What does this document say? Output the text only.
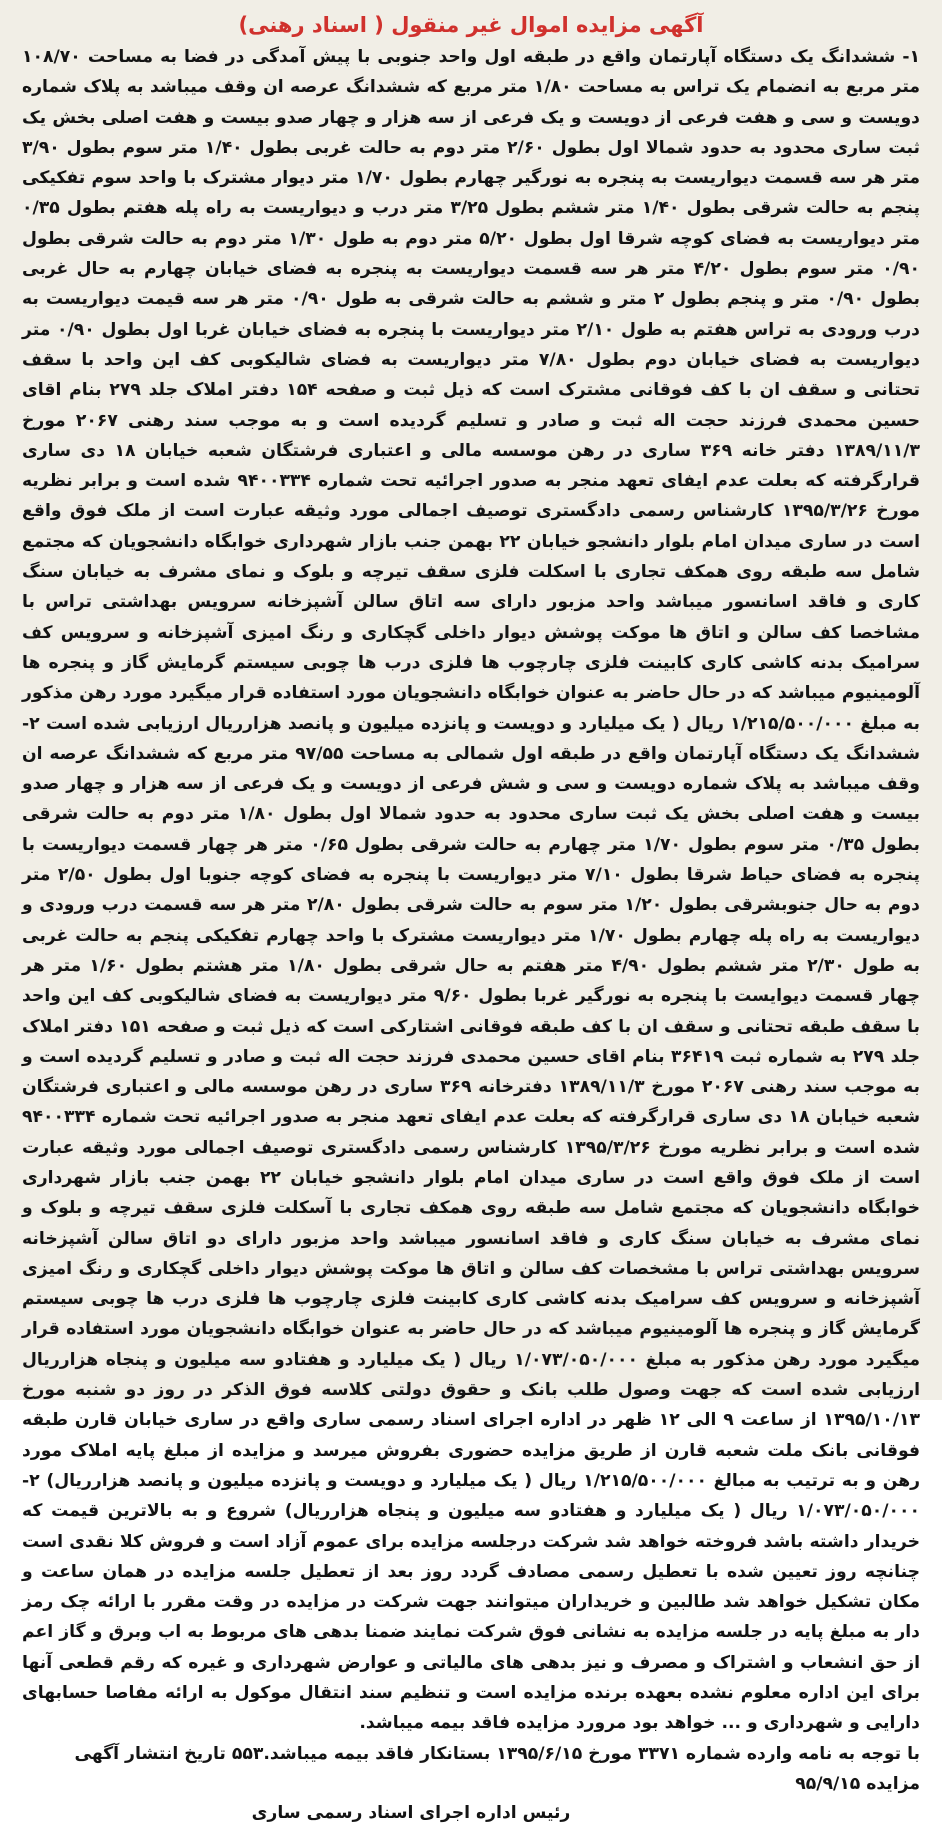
آگهی مزایده اموال غیر منقول ( اسناد رهنی)

۱- ششدانگ یک دستگاه آپارتمان واقع در طبقه اول واحد جنوبی با پیش آمدگی در فضا به مساحت ۱۰۸/۷۰ متر مربع به انضمام یک تراس به مساحت ۱/۸۰ متر مربع که ششدانگ عرصه ان وقف میباشد به پلاک شماره دویست و سی و هفت فرعی از دویست و یک فرعی از سه هزار و چهار صدو بیست و هفت اصلی بخش یک ثبت ساری محدود به حدود شمالا اول بطول ۲/۶۰ متر دوم به حالت غربی بطول ۱/۴۰ متر سوم بطول ۳/۹۰ متر هر سه قسمت دیواریست به پنجره به نورگیر چهارم بطول ۱/۷۰ متر دیوار مشترک با واحد سوم تفکیکی پنجم به حالت شرقی بطول ۱/۴۰ متر ششم بطول ۳/۲۵ متر درب و دیواریست به راه پله هفتم بطول ۰/۳۵ متر دیواریست به فضای کوچه شرقا اول بطول ۵/۲۰ متر دوم به طول ۱/۳۰ متر دوم به حالت شرقی بطول ۰/۹۰ متر سوم بطول ۴/۲۰ متر هر سه قسمت دیواریست به پنجره به فضای خیابان چهارم به حال غربی بطول ۰/۹۰ متر و پنجم بطول ۲ متر و ششم به حالت شرقی به طول ۰/۹۰ متر هر سه قیمت دیواریست به درب ورودی به تراس هفتم به طول ۲/۱۰ متر دیواریست با پنجره به فضای خیابان غربا اول بطول ۰/۹۰ متر دیواریست به فضای خیابان دوم بطول ۷/۸۰ متر دیواریست به فضای شالیکوبی کف این واحد با سقف تحتانی و سقف ان با کف فوقانی مشترک است که ذیل ثبت و صفحه ۱۵۴ دفتر املاک جلد ۲۷۹ بنام اقای حسین محمدی فرزند حجت اله ثبت و صادر و تسلیم گردیده است و به موجب سند رهنی ۲۰۶۷ مورخ ۱۳۸۹/۱۱/۳ دفتر خانه ۳۶۹ ساری در رهن موسسه مالی و اعتباری فرشتگان شعبه خیابان ۱۸ دی ساری قرارگرفته که بعلت عدم ایفای تعهد منجر به صدور اجرائیه تحت شماره ۹۴۰۰۳۳۴ شده است و برابر نظریه مورخ ۱۳۹۵/۳/۲۶ کارشناس رسمی دادگستری توصیف اجمالی مورد وثیقه عبارت است از ملک فوق واقع است در ساری میدان امام بلوار دانشجو خیابان ۲۲ بهمن جنب بازار شهرداری خوابگاه دانشجویان که مجتمع شامل سه طبقه روی همکف تجاری با اسکلت فلزی سقف تیرچه و بلوک و نمای مشرف به خیابان سنگ کاری و فاقد اسانسور میباشد واحد مزبور دارای سه اتاق سالن آشپزخانه سرویس بهداشتی تراس با مشاخصا کف سالن و اتاق ها موکت پوشش دیوار داخلی گچکاری و رنگ امیزی آشپزخانه و سرویس کف سرامیک بدنه کاشی کاری کابینت فلزی چارچوب ها فلزی درب ها چوبی سیستم گرمایش گاز و پنجره ها آلومینیوم میباشد که در حال حاضر به عنوان خوابگاه دانشجویان مورد استفاده قرار میگیرد مورد رهن مذکور به مبلغ ۱/۲۱۵/۵۰۰/۰۰۰ ریال ( یک میلیارد و دویست و پانزده میلیون و پانصد هزارریال ارزیابی شده است ۲- ششدانگ یک دستگاه آپارتمان واقع در طبقه اول شمالی به مساحت ۹۷/۵۵ متر مربع که ششدانگ عرصه ان وقف میباشد به پلاک شماره دویست و سی و شش فرعی از دویست و یک فرعی از سه هزار و چهار صدو بیست و هفت اصلی بخش یک ثبت ساری محدود به حدود شمالا اول بطول ۱/۸۰ متر دوم به حالت شرقی بطول ۰/۳۵ متر سوم بطول ۱/۷۰ متر چهارم به حالت شرقی بطول ۰/۶۵ متر هر چهار قسمت دیواریست با پنجره به فضای حیاط شرقا بطول ۷/۱۰ متر دیواریست با پنجره به فضای کوچه جنوبا اول بطول ۲/۵۰ متر دوم به حال جنوبشرقی بطول ۱/۲۰ متر سوم به حالت شرقی بطول ۲/۸۰ متر هر سه قسمت درب ورودی و دیواریست به راه پله چهارم بطول ۱/۷۰ متر دیواریست مشترک با واحد چهارم تفکیکی پنجم به حالت غربی به طول ۲/۳۰ متر ششم بطول ۴/۹۰ متر هفتم به حال شرقی بطول ۱/۸۰ متر هشتم بطول ۱/۶۰ متر هر چهار قسمت دیوایست با پنجره به نورگیر غربا بطول ۹/۶۰ متر دیواریست به فضای شالیکوبی کف این واحد با سقف طبقه تحتانی و سقف ان با کف طبقه فوقانی اشتارکی است که ذیل ثبت و صفحه ۱۵۱ دفتر املاک جلد ۲۷۹ به شماره ثبت ۳۶۴۱۹ بنام اقای حسین محمدی فرزند حجت اله ثبت و صادر و تسلیم گردیده است و به موجب سند رهنی ۲۰۶۷ مورخ ۱۳۸۹/۱۱/۳ دفترخانه ۳۶۹ ساری در رهن موسسه مالی و اعتباری فرشتگان شعبه خیابان ۱۸ دی ساری قرارگرفته که بعلت عدم ایفای تعهد منجر به صدور اجرائیه تحت شماره ۹۴۰۰۳۳۴ شده است و برابر نظریه مورخ ۱۳۹۵/۳/۲۶ کارشناس رسمی دادگستری توصیف اجمالی مورد وثیقه عبارت است از ملک فوق واقع است در ساری میدان امام بلوار دانشجو خیابان ۲۲ بهمن جنب بازار شهرداری خوابگاه دانشجویان که مجتمع شامل سه طبقه روی همکف تجاری با آسکلت فلزی سقف تیرچه و بلوک و نمای مشرف به خیابان سنگ کاری و فاقد اسانسور میباشد واحد مزبور دارای دو اتاق سالن آشپزخانه سرویس بهداشتی تراس با مشخصات کف سالن و اتاق ها موکت پوشش دیوار داخلی گچکاری و رنگ امیزی آشپزخانه و سرویس کف سرامیک بدنه کاشی کاری کابینت فلزی چارچوب ها فلزی درب ها چوبی سیستم گرمایش گاز و پنجره ها آلومینیوم میباشد که در حال حاضر به عنوان خوابگاه دانشجویان مورد استفاده قرار میگیرد مورد رهن مذکور به مبلغ ۱/۰۷۳/۰۵۰/۰۰۰ ریال ( یک میلیارد و هفتادو سه میلیون و پنجاه هزارریال ارزیابی شده است که جهت وصول طلب بانک و حقوق دولتی کلاسه فوق الذکر در روز دو شنبه مورخ ۱۳۹۵/۱۰/۱۳ از ساعت ۹ الی ۱۲ ظهر در اداره اجرای اسناد رسمی ساری واقع در ساری خیابان قارن طبقه فوقانی بانک ملت شعبه قارن از طریق مزایده حضوری بفروش میرسد و مزایده از مبلغ پایه املاک مورد رهن و به ترتیب به مبالغ ۱/۲۱۵/۵۰۰/۰۰۰ ریال ( یک میلیارد و دویست و پانزده میلیون و پانصد هزارریال) ۲- ۱/۰۷۳/۰۵۰/۰۰۰ ریال ( یک میلیارد و هفتادو سه میلیون و پنجاه هزارریال) شروع و به بالاترین قیمت که خریدار داشته باشد فروخته خواهد شد شرکت درجلسه مزایده برای عموم آزاد است و فروش کلا نقدی است چنانچه روز تعیین شده با تعطیل رسمی مصادف گردد روز بعد از تعطیل جلسه مزایده در همان ساعت و مکان تشکیل خواهد شد طالبین و خریداران میتوانند جهت شرکت در مزایده در وقت مقرر با ارائه چک رمز دار به مبلغ پایه در جلسه مزایده به نشانی فوق شرکت نمایند ضمنا بدهی های مربوط به اب وبرق و گاز اعم از حق انشعاب و اشتراک و مصرف و نیز بدهی های مالیاتی و عوارض شهرداری و غیره که رقم قطعی آنها برای این اداره معلوم نشده بعهده برنده مزایده است و تنظیم سند انتقال موکول به ارائه مفاصا حسابهای دارایی و شهرداری و ... خواهد بود مرورد مزایده فاقد بیمه میباشد.

با توجه به نامه وارده شماره ۳۳۷۱ مورخ ۱۳۹۵/۶/۱۵ بستانکار فاقد بیمه میباشد.۵۵۳ تاریخ انتشار آگهی مزایده ۹۵/۹/۱۵

رئیس اداره اجرای اسناد رسمی ساری
